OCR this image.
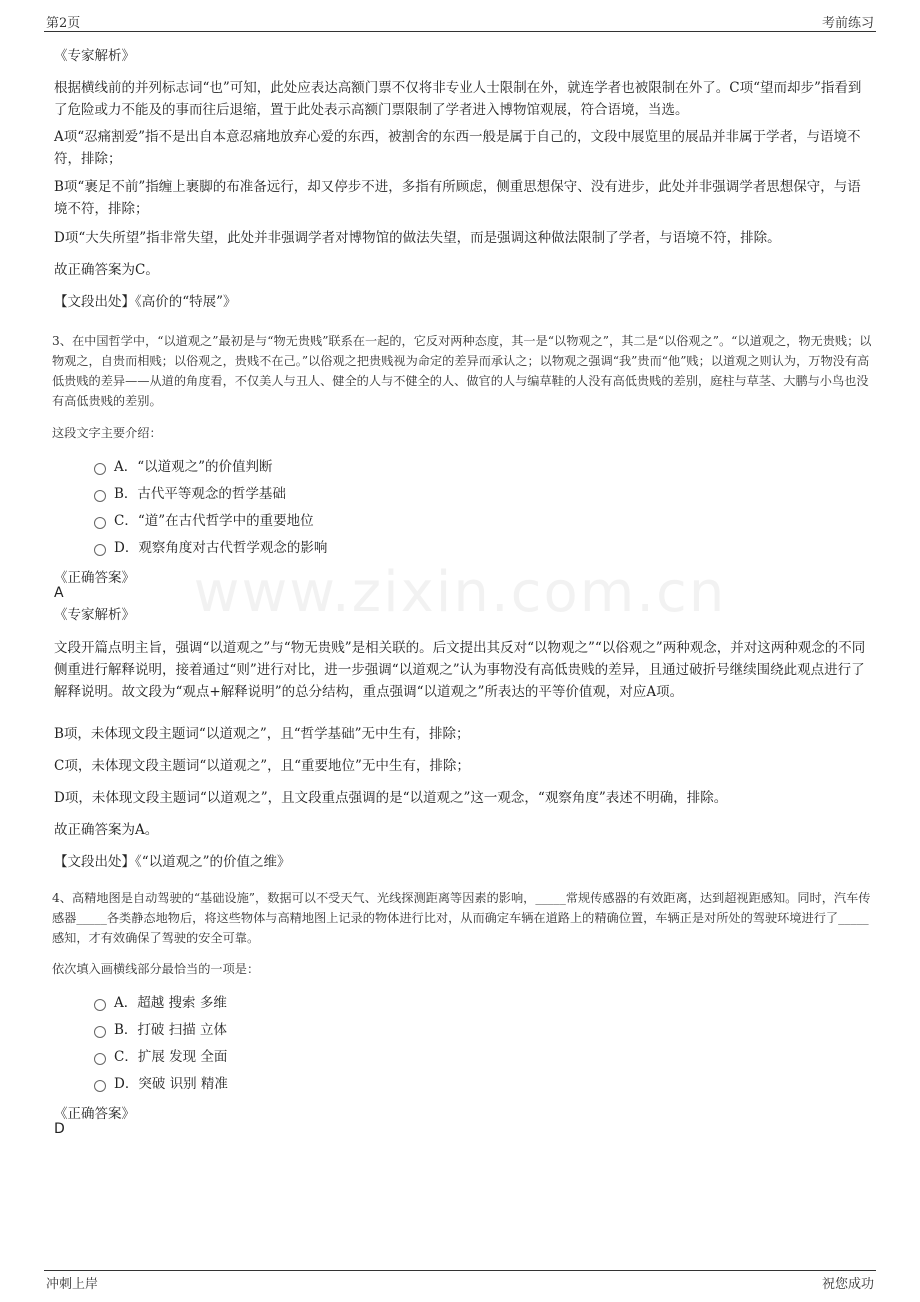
第2页	考前练习
www.zixin.com.cn
《专家解析》
根据横线前的并列标志词“也”可知，此处应表达高额门票不仅将非专业人士限制在外，就连学者也被限制在外了。C项“望而却步”指看到了危险或力不能及的事而往后退缩，置于此处表示高额门票限制了学者进入博物馆观展，符合语境，当选。
A项“忍痛割爱”指不是出自本意忍痛地放弃心爱的东西，被割舍的东西一般是属于自己的，文段中展览里的展品并非属于学者，与语境不符，排除；
B项“裹足不前”指缠上裹脚的布准备远行，却又停步不进，多指有所顾虑，侧重思想保守、没有进步，此处并非强调学者思想保守，与语境不符，排除；
D项“大失所望”指非常失望，此处并非强调学者对博物馆的做法失望，而是强调这种做法限制了学者，与语境不符，排除。
故正确答案为C。
【文段出处】《高价的“特展”》
3、在中国哲学中，“以道观之”最初是与“物无贵贱”联系在一起的，它反对两种态度，其一是“以物观之”，其二是“以俗观之”。“以道观之，物无贵贱；以物观之，自贵而相贱；以俗观之，贵贱不在己。”以俗观之把贵贱视为命定的差异而承认之；以物观之强调“我”贵而“他”贱；以道观之则认为，万物没有高低贵贱的差异——从道的角度看，不仅美人与丑人、健全的人与不健全的人、做官的人与编草鞋的人没有高低贵贱的差别，庭柱与草茎、大鹏与小鸟也没有高低贵贱的差别。
这段文字主要介绍：
A．“以道观之”的价值判断
B．古代平等观念的哲学基础
C．“道”在古代哲学中的重要地位
D．观察角度对古代哲学观念的影响
《正确答案》
A
《专家解析》
文段开篇点明主旨，强调“以道观之”与“物无贵贱”是相关联的。后文提出其反对“以物观之”“以俗观之”两种观念，并对这两种观念的不同侧重进行解释说明，接着通过“则”进行对比，进一步强调“以道观之”认为事物没有高低贵贱的差异，且通过破折号继续围绕此观点进行了解释说明。故文段为“观点+解释说明”的总分结构，重点强调“以道观之”所表达的平等价值观，对应A项。
B项，未体现文段主题词“以道观之”，且“哲学基础”无中生有，排除；
C项，未体现文段主题词“以道观之”，且“重要地位”无中生有，排除；
D项，未体现文段主题词“以道观之”，且文段重点强调的是“以道观之”这一观念，“观察角度”表述不明确，排除。
故正确答案为A。
【文段出处】《“以道观之”的价值之维》
4、高精地图是自动驾驶的“基础设施”，数据可以不受天气、光线探测距离等因素的影响，_____常规传感器的有效距离，达到超视距感知。同时，汽车传感器_____各类静态地物后，将这些物体与高精地图上记录的物体进行比对，从而确定车辆在道路上的精确位置，车辆正是对所处的驾驶环境进行了_____感知，才有效确保了驾驶的安全可靠。
依次填入画横线部分最恰当的一项是：
A．超越 搜索 多维
B．打破 扫描 立体
C．扩展 发现 全面
D．突破 识别 精准
《正确答案》
D
冲刺上岸	祝您成功
